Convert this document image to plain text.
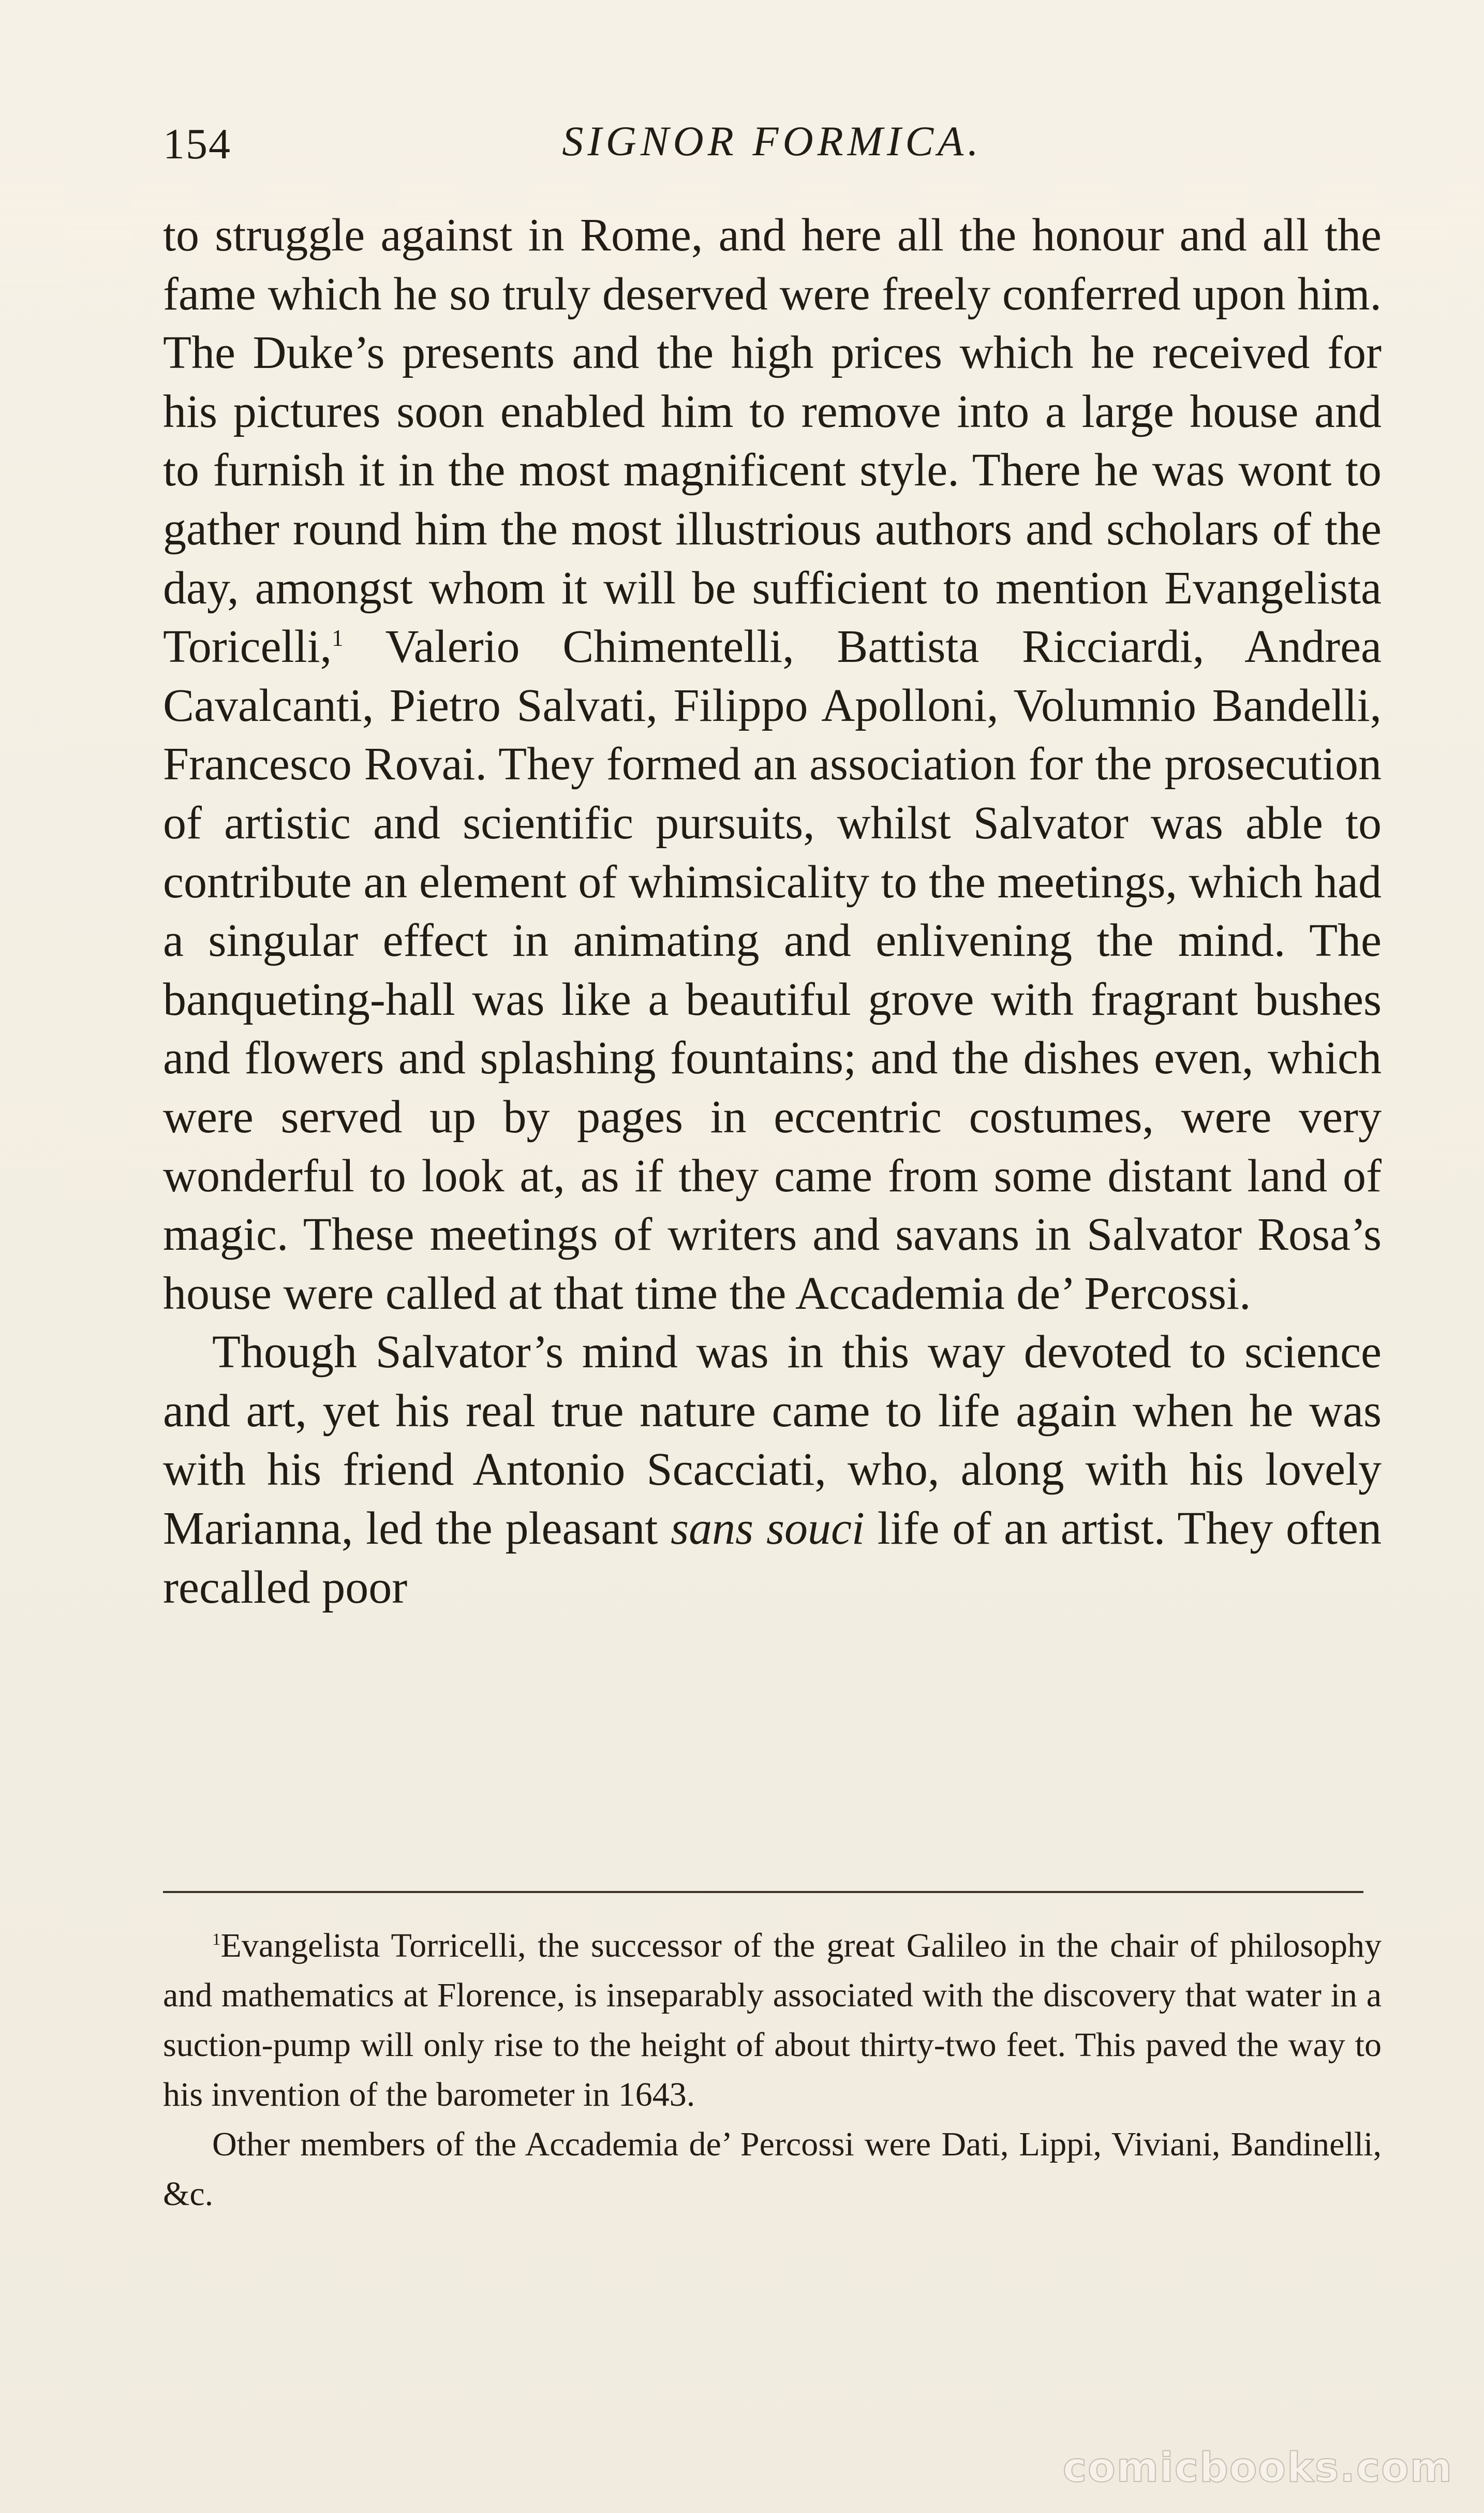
154	SIGNOR FORMICA.

to struggle against in Rome, and here all the honour and all the fame which he so truly deserved were freely conferred upon him. The Duke’s presents and the high prices which he received for his pictures soon enabled him to remove into a large house and to furnish it in the most magnificent style. There he was wont to gather round him the most illustrious authors and scholars of the day, amongst whom it will be sufficient to mention Evangelista Toricelli,$^1$ Valerio Chimentelli, Battista Ricciardi, Andrea Cavalcanti, Pietro Salvati, Filippo Apolloni, Volumnio Bandelli, Francesco Rovai. They formed an association for the prosecution of artistic and scientific pursuits, whilst Salvator was able to contribute an element of whimsicality to the meetings, which had a singular effect in animating and enlivening the mind. The banqueting-hall was like a beautiful grove with fragrant bushes and flowers and splashing fountains; and the dishes even, which were served up by pages in eccentric costumes, were very wonderful to look at, as if they came from some distant land of magic. These meetings of writers and savans in Salvator Rosa’s house were called at that time the Accademia de’ Percossi.

Though Salvator’s mind was in this way devoted to science and art, yet his real true nature came to life again when he was with his friend Antonio Scacciati, who, along with his lovely Marianna, led the pleasant sans souci life of an artist. They often recalled poor

$^1$Evangelista Torricelli, the successor of the great Galileo in the chair of philosophy and mathematics at Florence, is inseparably associated with the discovery that water in a suction-pump will only rise to the height of about thirty-two feet. This paved the way to his invention of the barometer in 1643.

Other members of the Accademia de’ Percossi were Dati, Lippi, Viviani, Bandinelli, &c.

comicbooks.com
